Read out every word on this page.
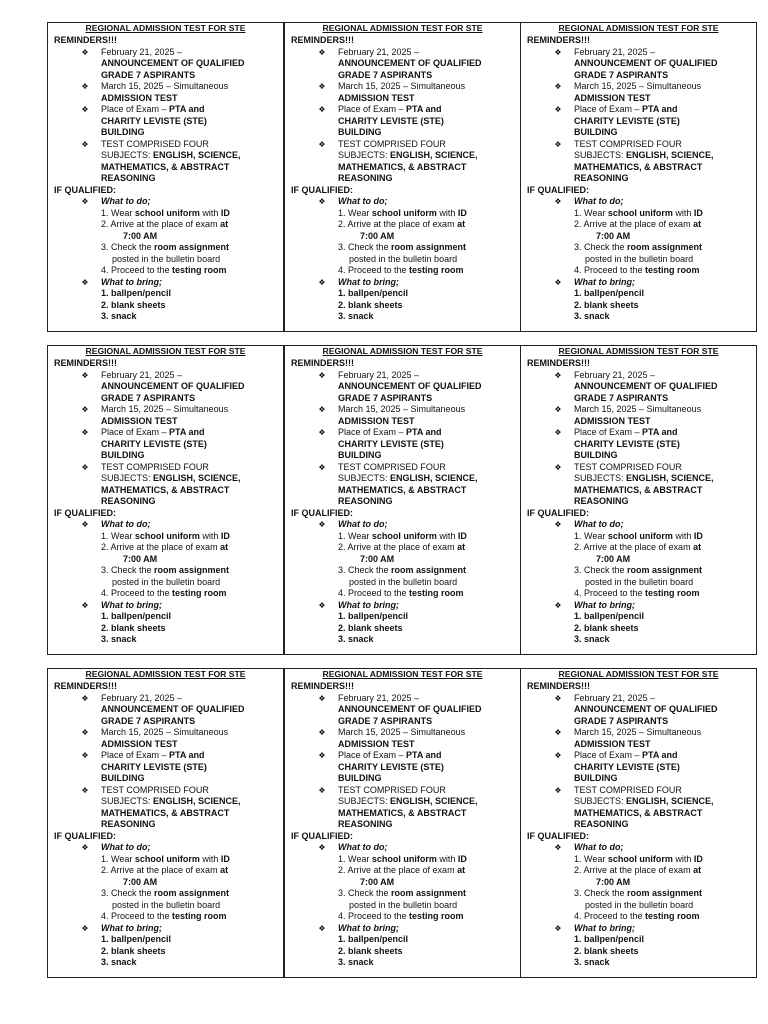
REGIONAL ADMISSION TEST FOR STE
REMINDERS!!!
❖	February 21, 2025 –
ANNOUNCEMENT OF QUALIFIED
GRADE 7 ASPIRANTS
❖	March 15, 2025 – Simultaneous
ADMISSION TEST
❖	Place of Exam – PTA and
CHARITY LEVISTE (STE)
BUILDING
❖	TEST COMPRISED FOUR
SUBJECTS: ENGLISH, SCIENCE,
MATHEMATICS, & ABSTRACT
REASONING
IF QUALIFIED:
❖	What to do;
1. Wear school uniform with ID
2. Arrive at the place of exam at
7:00 AM
3. Check the room assignment
posted in the bulletin board
4. Proceed to the testing room
❖	What to bring;
1. ballpen/pencil
2. blank sheets
3. snack
REGIONAL ADMISSION TEST FOR STE
REMINDERS!!!
❖	February 21, 2025 –
ANNOUNCEMENT OF QUALIFIED
GRADE 7 ASPIRANTS
❖	March 15, 2025 – Simultaneous
ADMISSION TEST
❖	Place of Exam – PTA and
CHARITY LEVISTE (STE)
BUILDING
❖	TEST COMPRISED FOUR
SUBJECTS: ENGLISH, SCIENCE,
MATHEMATICS, & ABSTRACT
REASONING
IF QUALIFIED:
❖	What to do;
1. Wear school uniform with ID
2. Arrive at the place of exam at
7:00 AM
3. Check the room assignment
posted in the bulletin board
4. Proceed to the testing room
❖	What to bring;
1. ballpen/pencil
2. blank sheets
3. snack
REGIONAL ADMISSION TEST FOR STE
REMINDERS!!!
❖	February 21, 2025 –
ANNOUNCEMENT OF QUALIFIED
GRADE 7 ASPIRANTS
❖	March 15, 2025 – Simultaneous
ADMISSION TEST
❖	Place of Exam – PTA and
CHARITY LEVISTE (STE)
BUILDING
❖	TEST COMPRISED FOUR
SUBJECTS: ENGLISH, SCIENCE,
MATHEMATICS, & ABSTRACT
REASONING
IF QUALIFIED:
❖	What to do;
1. Wear school uniform with ID
2. Arrive at the place of exam at
7:00 AM
3. Check the room assignment
posted in the bulletin board
4. Proceed to the testing room
❖	What to bring;
1. ballpen/pencil
2. blank sheets
3. snack
REGIONAL ADMISSION TEST FOR STE
REMINDERS!!!
❖	February 21, 2025 –
ANNOUNCEMENT OF QUALIFIED
GRADE 7 ASPIRANTS
❖	March 15, 2025 – Simultaneous
ADMISSION TEST
❖	Place of Exam – PTA and
CHARITY LEVISTE (STE)
BUILDING
❖	TEST COMPRISED FOUR
SUBJECTS: ENGLISH, SCIENCE,
MATHEMATICS, & ABSTRACT
REASONING
IF QUALIFIED:
❖	What to do;
1. Wear school uniform with ID
2. Arrive at the place of exam at
7:00 AM
3. Check the room assignment
posted in the bulletin board
4. Proceed to the testing room
❖	What to bring;
1. ballpen/pencil
2. blank sheets
3. snack
REGIONAL ADMISSION TEST FOR STE
REMINDERS!!!
❖	February 21, 2025 –
ANNOUNCEMENT OF QUALIFIED
GRADE 7 ASPIRANTS
❖	March 15, 2025 – Simultaneous
ADMISSION TEST
❖	Place of Exam – PTA and
CHARITY LEVISTE (STE)
BUILDING
❖	TEST COMPRISED FOUR
SUBJECTS: ENGLISH, SCIENCE,
MATHEMATICS, & ABSTRACT
REASONING
IF QUALIFIED:
❖	What to do;
1. Wear school uniform with ID
2. Arrive at the place of exam at
7:00 AM
3. Check the room assignment
posted in the bulletin board
4. Proceed to the testing room
❖	What to bring;
1. ballpen/pencil
2. blank sheets
3. snack
REGIONAL ADMISSION TEST FOR STE
REMINDERS!!!
❖	February 21, 2025 –
ANNOUNCEMENT OF QUALIFIED
GRADE 7 ASPIRANTS
❖	March 15, 2025 – Simultaneous
ADMISSION TEST
❖	Place of Exam – PTA and
CHARITY LEVISTE (STE)
BUILDING
❖	TEST COMPRISED FOUR
SUBJECTS: ENGLISH, SCIENCE,
MATHEMATICS, & ABSTRACT
REASONING
IF QUALIFIED:
❖	What to do;
1. Wear school uniform with ID
2. Arrive at the place of exam at
7:00 AM
3. Check the room assignment
posted in the bulletin board
4. Proceed to the testing room
❖	What to bring;
1. ballpen/pencil
2. blank sheets
3. snack
REGIONAL ADMISSION TEST FOR STE
REMINDERS!!!
❖	February 21, 2025 –
ANNOUNCEMENT OF QUALIFIED
GRADE 7 ASPIRANTS
❖	March 15, 2025 – Simultaneous
ADMISSION TEST
❖	Place of Exam – PTA and
CHARITY LEVISTE (STE)
BUILDING
❖	TEST COMPRISED FOUR
SUBJECTS: ENGLISH, SCIENCE,
MATHEMATICS, & ABSTRACT
REASONING
IF QUALIFIED:
❖	What to do;
1. Wear school uniform with ID
2. Arrive at the place of exam at
7:00 AM
3. Check the room assignment
posted in the bulletin board
4. Proceed to the testing room
❖	What to bring;
1. ballpen/pencil
2. blank sheets
3. snack
REGIONAL ADMISSION TEST FOR STE
REMINDERS!!!
❖	February 21, 2025 –
ANNOUNCEMENT OF QUALIFIED
GRADE 7 ASPIRANTS
❖	March 15, 2025 – Simultaneous
ADMISSION TEST
❖	Place of Exam – PTA and
CHARITY LEVISTE (STE)
BUILDING
❖	TEST COMPRISED FOUR
SUBJECTS: ENGLISH, SCIENCE,
MATHEMATICS, & ABSTRACT
REASONING
IF QUALIFIED:
❖	What to do;
1. Wear school uniform with ID
2. Arrive at the place of exam at
7:00 AM
3. Check the room assignment
posted in the bulletin board
4. Proceed to the testing room
❖	What to bring;
1. ballpen/pencil
2. blank sheets
3. snack
REGIONAL ADMISSION TEST FOR STE
REMINDERS!!!
❖	February 21, 2025 –
ANNOUNCEMENT OF QUALIFIED
GRADE 7 ASPIRANTS
❖	March 15, 2025 – Simultaneous
ADMISSION TEST
❖	Place of Exam – PTA and
CHARITY LEVISTE (STE)
BUILDING
❖	TEST COMPRISED FOUR
SUBJECTS: ENGLISH, SCIENCE,
MATHEMATICS, & ABSTRACT
REASONING
IF QUALIFIED:
❖	What to do;
1. Wear school uniform with ID
2. Arrive at the place of exam at
7:00 AM
3. Check the room assignment
posted in the bulletin board
4. Proceed to the testing room
❖	What to bring;
1. ballpen/pencil
2. blank sheets
3. snack
